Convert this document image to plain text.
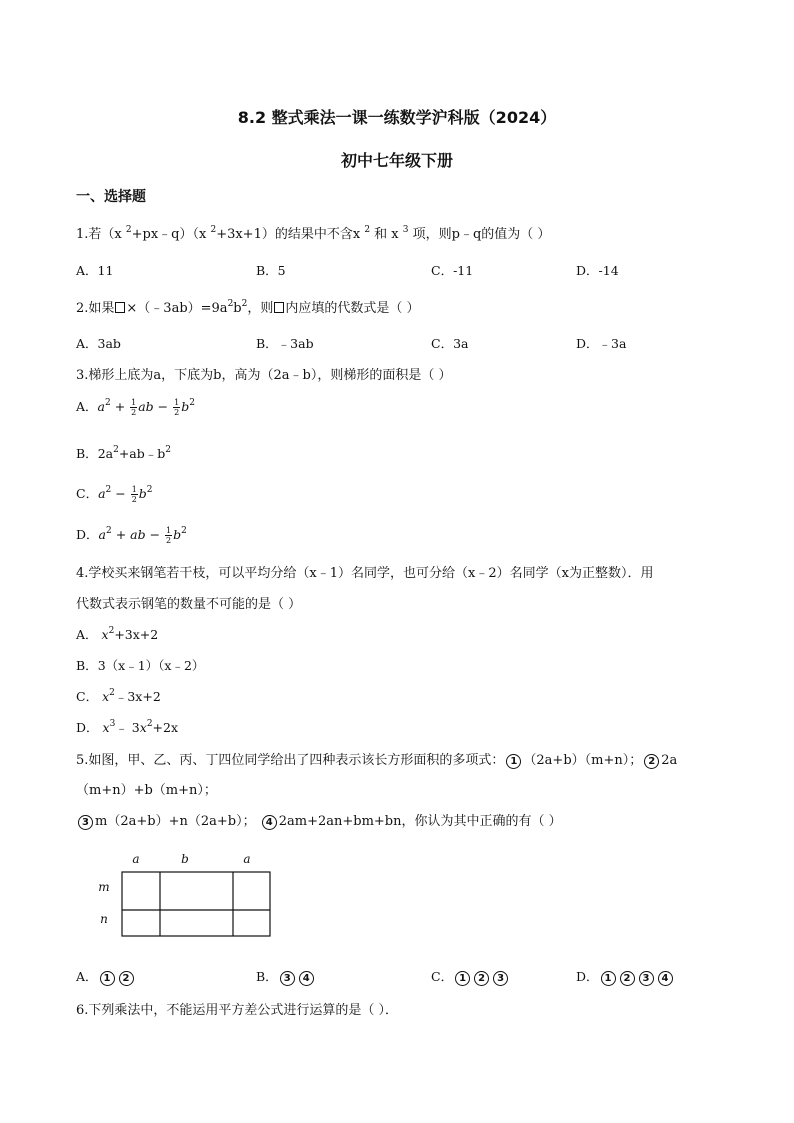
8.2 整式乘法一课一练数学沪科版（2024）
初中七年级下册
一、选择题
1.若（x $^2$+px﹣q）（x $^2$+3x+1）的结果中不含x $^2$ 和 x $^3$ 项，则p﹣q的值为（ ）
A．11	B．5	C．-11	D．-14
2.如果 $\times(﹣3ab)=9a^2b^2$，则 内应填的代数式是（ ）
A．3ab	B．﹣3ab	C．3a	D．﹣3a
3.梯形上底为a，下底为b，高为（2a﹣b），则梯形的面积是（ ）
A．$a^2 + \frac{1}{2}$ ab − $\frac{1}{2} b^2$
B．$2a^2+ab﹣b^2$
C．$a^2 - \frac{1}{2} b^2$
D．$a^2$ + ab − $\frac{1}{2} b^2$
4.学校买来钢笔若干枝，可以平均分给（x﹣1）名同学，也可分给（x﹣2）名同学（x为正整数）．用
代数式表示钢笔的数量不可能的是（ ）
A． $x^2+3x+2$
B．3（x﹣1）（x﹣2）
C． $x^2﹣3x+2$
D． $x^3﹣$ $3x^2+2x$
5.如图，甲、乙、丙、丁四位同学给出了四种表示该长方形面积的多项式： 1 （2a+b）（m+n）； 2 2a
（m+n）+b（m+n）；
3 m（2a+b）+n（2a+b）； 4 2am+2an+bm+bn，你认为其中正确的有（ ）
a	b	a
m
n
A． 1 2	B． 3 4	C． 1 2 3	D． 1 2 3 4
6.下列乘法中，不能运用平方差公式进行运算的是（ ）．
